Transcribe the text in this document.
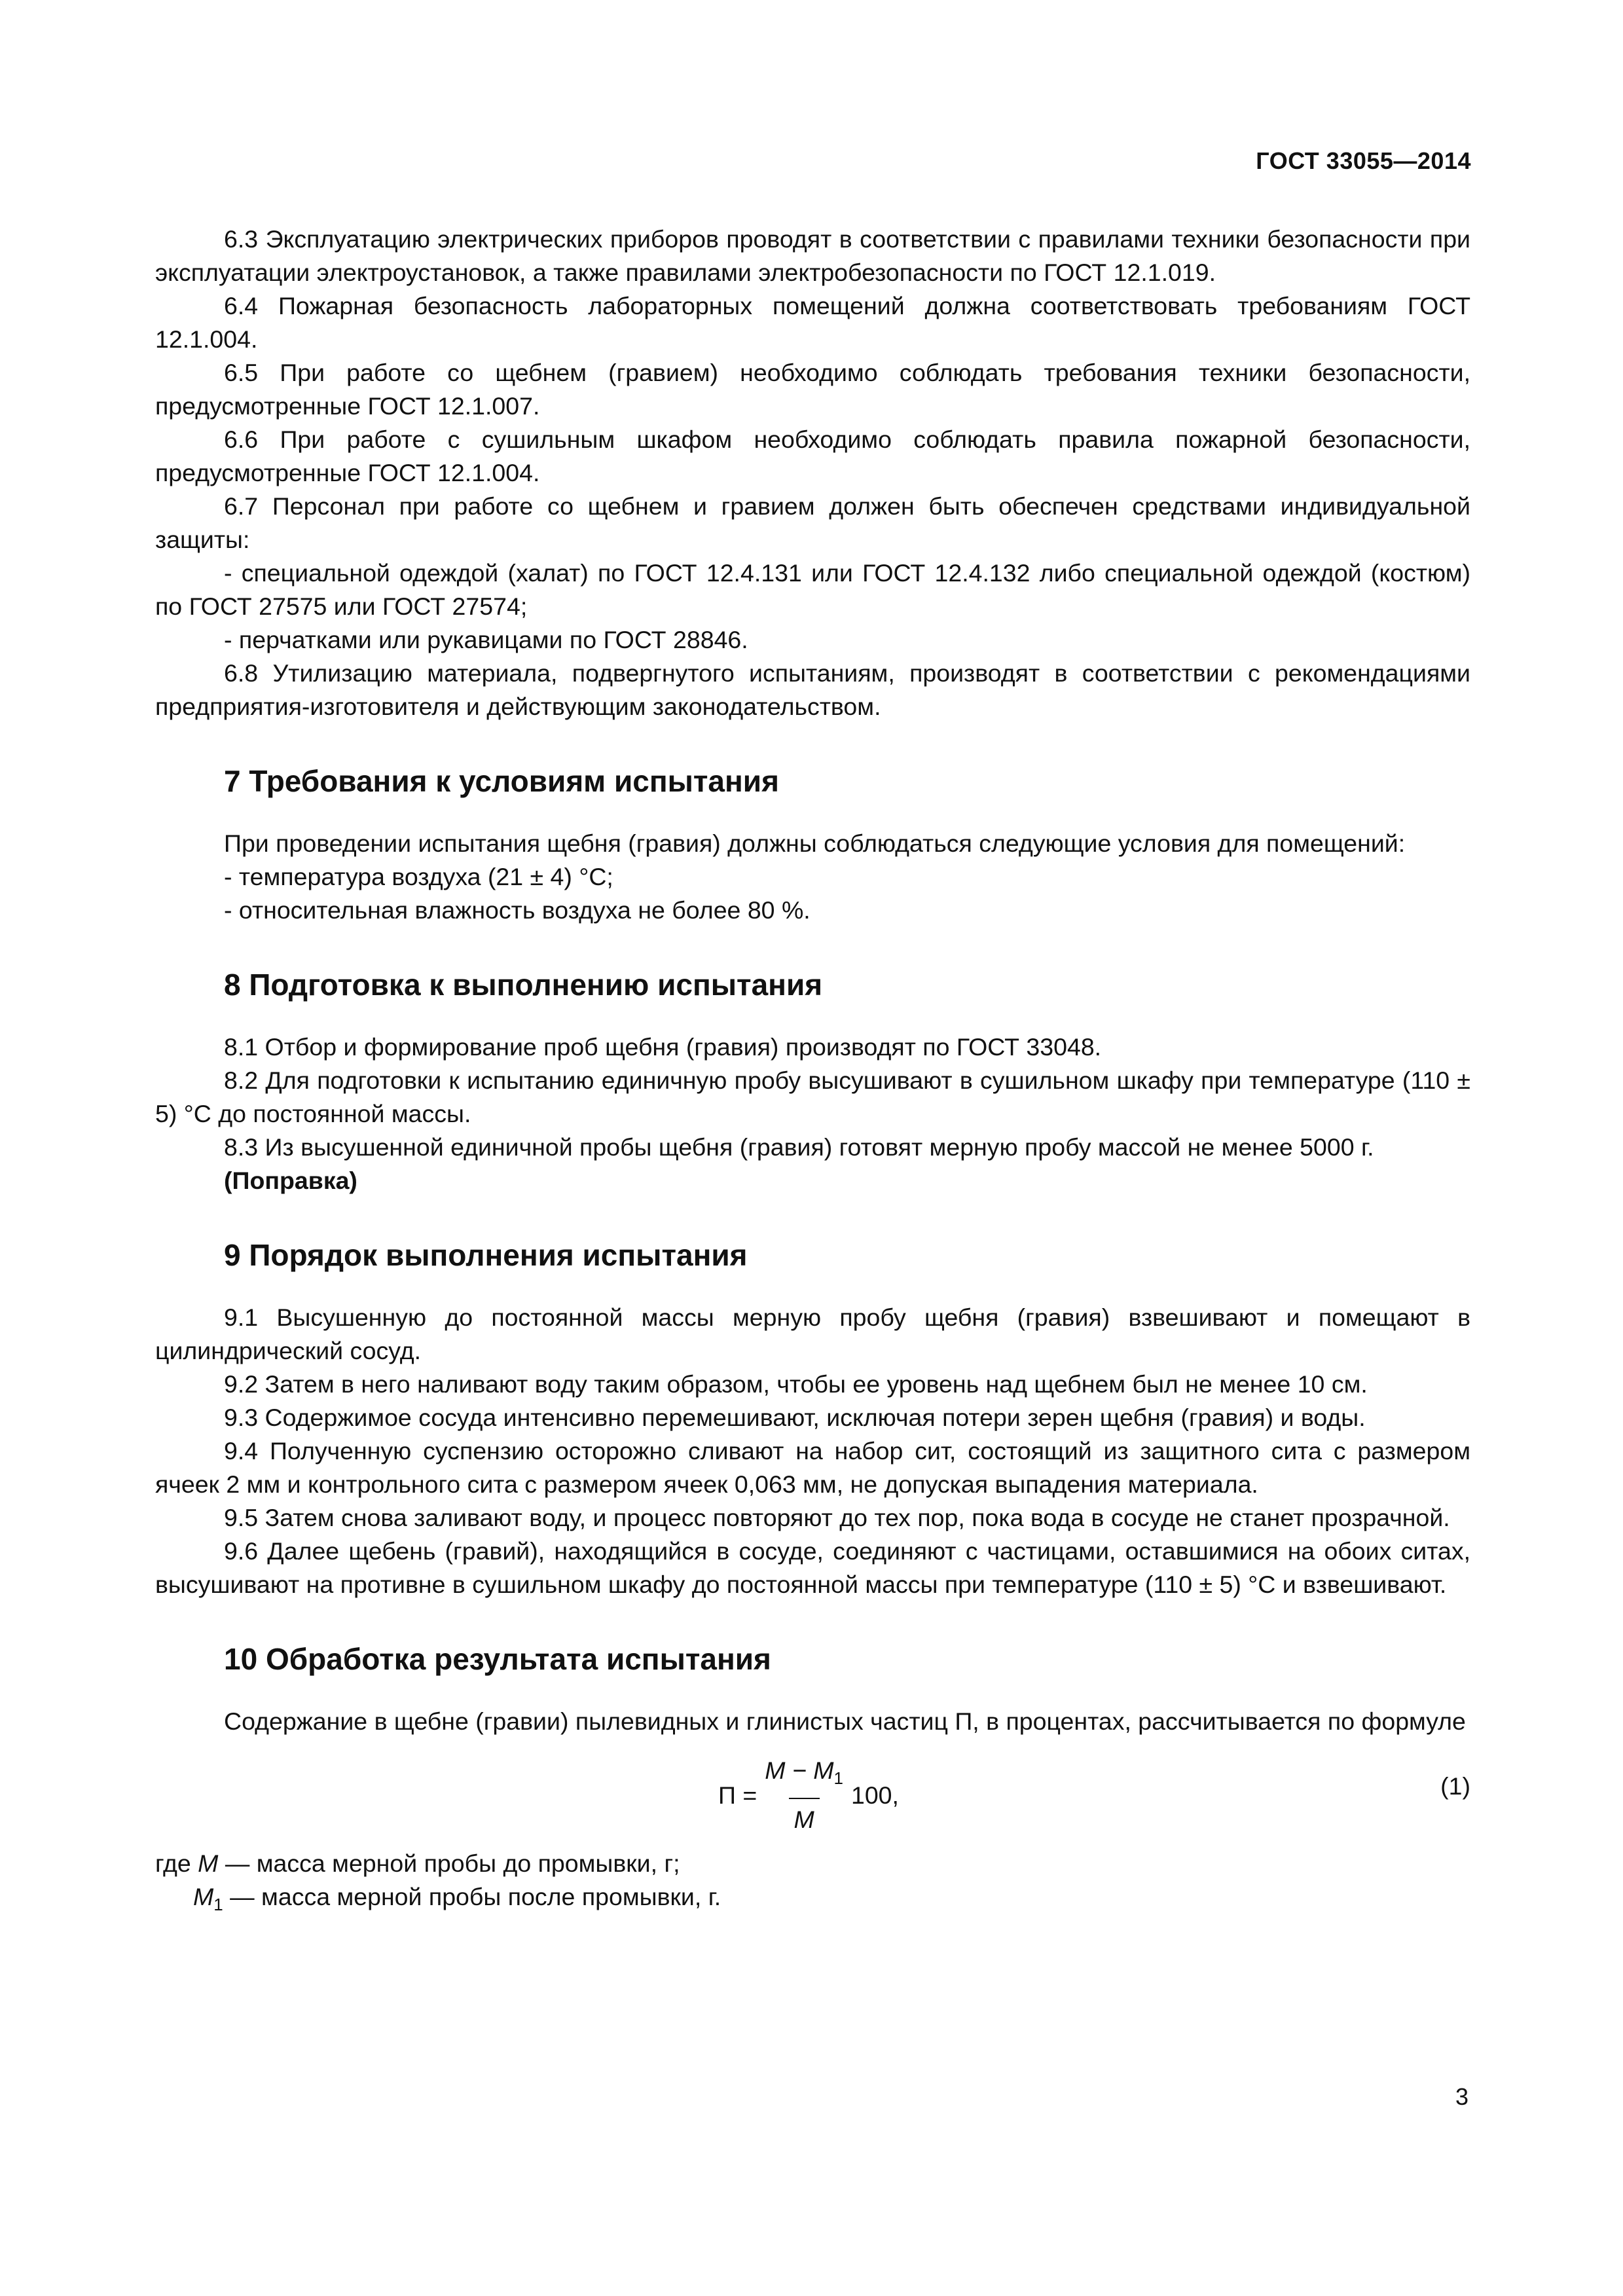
ГОСТ 33055—2014

6.3 Эксплуатацию электрических приборов проводят в соответствии с правилами техники безопасности при эксплуатации электроустановок, а также правилами электробезопасности по ГОСТ 12.1.019.

6.4 Пожарная безопасность лабораторных помещений должна соответствовать требованиям ГОСТ 12.1.004.

6.5 При работе со щебнем (гравием) необходимо соблюдать требования техники безопасности, предусмотренные ГОСТ 12.1.007.

6.6 При работе с сушильным шкафом необходимо соблюдать правила пожарной безопасности, предусмотренные ГОСТ 12.1.004.

6.7 Персонал при работе со щебнем и гравием должен быть обеспечен средствами индивидуальной защиты:

- специальной одеждой (халат) по ГОСТ 12.4.131 или ГОСТ 12.4.132 либо специальной одеждой (костюм) по ГОСТ 27575 или ГОСТ 27574;

- перчатками или рукавицами по ГОСТ 28846.

6.8 Утилизацию материала, подвергнутого испытаниям, производят в соответствии с рекомендациями предприятия-изготовителя и действующим законодательством.

7 Требования к условиям испытания

При проведении испытания щебня (гравия) должны соблюдаться следующие условия для помещений:

- температура воздуха (21 ± 4) °С;

- относительная влажность воздуха не более 80 %.

8 Подготовка к выполнению испытания

8.1 Отбор и формирование проб щебня (гравия) производят по ГОСТ 33048.

8.2 Для подготовки к испытанию единичную пробу высушивают в сушильном шкафу при температуре (110 ± 5) °С до постоянной массы.

8.3 Из высушенной единичной пробы щебня (гравия) готовят мерную пробу массой не менее 5000 г.

(Поправка)

9 Порядок выполнения испытания

9.1 Высушенную до постоянной массы мерную пробу щебня (гравия) взвешивают и помещают в цилиндрический сосуд.

9.2 Затем в него наливают воду таким образом, чтобы ее уровень над щебнем был не менее 10 см.

9.3 Содержимое сосуда интенсивно перемешивают, исключая потери зерен щебня (гравия) и воды.

9.4 Полученную суспензию осторожно сливают на набор сит, состоящий из защитного сита с размером ячеек 2 мм и контрольного сита с размером ячеек 0,063 мм, не допуская выпадения материала.

9.5 Затем снова заливают воду, и процесс повторяют до тех пор, пока вода в сосуде не станет прозрачной.

9.6 Далее щебень (гравий), находящийся в сосуде, соединяют с частицами, оставшимися на обоих ситах, высушивают на противне в сушильном шкафу до постоянной массы при температуре (110 ± 5) °С и взвешивают.

10 Обработка результата испытания

Содержание в щебне (гравии) пылевидных и глинистых частиц П, в процентах, рассчитывается по формуле

$П = \frac{M - M_1}{M} 100$,	(1)

где M — масса мерной пробы до промывки, г;

$M_1$ — масса мерной пробы после промывки, г.

3
